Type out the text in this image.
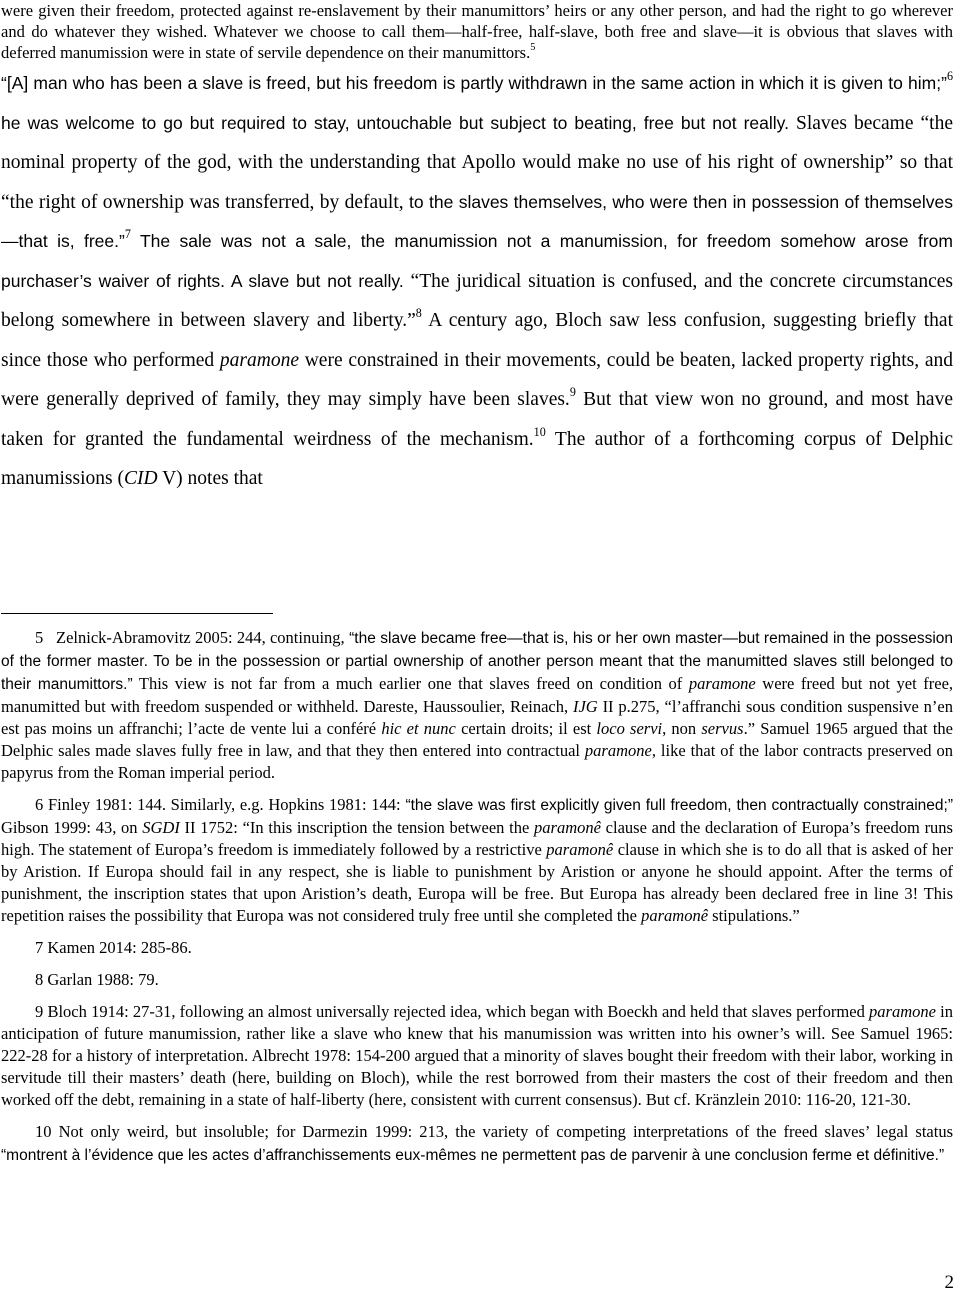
were given their freedom, protected against re-enslavement by their manumittors’ heirs or any other person, and had the right to go wherever and do whatever they wished. Whatever we choose to call them—half-free, half-slave, both free and slave—it is obvious that slaves with deferred manumission were in state of servile dependence on their manumittors.$^5$
“[A] man who has been a slave is freed, but his freedom is partly withdrawn in the same action in which it is given to him;”$^6$ he was welcome to go but required to stay, untouchable but subject to beating, free but not really. Slaves became “the nominal property of the god, with the understanding that Apollo would make no use of his right of ownership” so that “the right of ownership was transferred, by default, to the slaves themselves, who were then in possession of themselves—that is, free.”$^7$ The sale was not a sale, the manumission not a manumission, for freedom somehow arose from purchaser’s waiver of rights. A slave but not really. “The juridical situation is confused, and the concrete circumstances belong somewhere in between slavery and liberty.”$^8$ A century ago, Bloch saw less confusion, suggesting briefly that since those who performed paramone were constrained in their movements, could be beaten, lacked property rights, and were generally deprived of family, they may simply have been slaves.$^9$ But that view won no ground, and most have taken for granted the fundamental weirdness of the mechanism.$^{10}$ The author of a forthcoming corpus of Delphic manumissions (CID V) notes that

5 Zelnick-Abramovitz 2005: 244, continuing, “the slave became free—that is, his or her own master—but remained in the possession of the former master. To be in the possession or partial ownership of another person meant that the manumitted slaves still belonged to their manumittors.” This view is not far from a much earlier one that slaves freed on condition of paramone were freed but not yet free, manumitted but with freedom suspended or withheld. Dareste, Haussoulier, Reinach, IJG II p.275, “l’affranchi sous condition suspensive n’en est pas moins un affranchi; l’acte de vente lui a conféré hic et nunc certain droits; il est loco servi, non servus.” Samuel 1965 argued that the Delphic sales made slaves fully free in law, and that they then entered into contractual paramone, like that of the labor contracts preserved on papyrus from the Roman imperial period.

6 Finley 1981: 144. Similarly, e.g. Hopkins 1981: 144: “the slave was first explicitly given full freedom, then contractually constrained;” Gibson 1999: 43, on SGDI II 1752: “In this inscription the tension between the paramonê clause and the declaration of Europa’s freedom runs high. The statement of Europa’s freedom is immediately followed by a restrictive paramonê clause in which she is to do all that is asked of her by Aristion. If Europa should fail in any respect, she is liable to punishment by Aristion or anyone he should appoint. After the terms of punishment, the inscription states that upon Aristion’s death, Europa will be free. But Europa has already been declared free in line 3! This repetition raises the possibility that Europa was not considered truly free until she completed the paramonê stipulations.”

7 Kamen 2014: 285-86.

8 Garlan 1988: 79.

9 Bloch 1914: 27-31, following an almost universally rejected idea, which began with Boeckh and held that slaves performed paramone in anticipation of future manumission, rather like a slave who knew that his manumission was written into his owner’s will. See Samuel 1965: 222-28 for a history of interpretation. Albrecht 1978: 154-200 argued that a minority of slaves bought their freedom with their labor, working in servitude till their masters’ death (here, building on Bloch), while the rest borrowed from their masters the cost of their freedom and then worked off the debt, remaining in a state of half-liberty (here, consistent with current consensus). But cf. Kränzlein 2010: 116-20, 121-30.

10 Not only weird, but insoluble; for Darmezin 1999: 213, the variety of competing interpretations of the freed slaves’ legal status “montrent à l’évidence que les actes d’affranchissements eux-mêmes ne permettent pas de parvenir à une conclusion ferme et définitive.”

2
